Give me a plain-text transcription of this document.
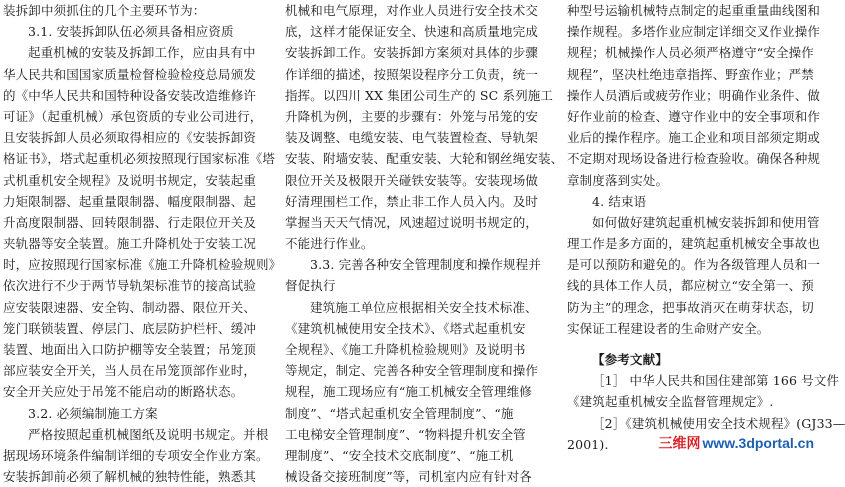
装拆卸中须抓住的几个主要环节为：
3.1. 安装拆卸队伍必须具备相应资质
起重机械的安装及拆卸工作，应由具有中
华人民共和国国家质量检督检验检疫总局颁发
的《中华人民共和国特种设备安装改造维修许
可证》（起重机械）承包资质的专业公司进行，
且安装拆卸人员必须取得相应的《安装拆卸资
格证书》，塔式起重机必须按照现行国家标准《塔
式机重机安全规程》及说明书规定，安装起重
力矩限制器、起重量限制器、幅度限制器、起
升高度限制器、回转限制器、行走限位开关及
夹轨器等安全装置。施工升降机处于安装工况
时，应按照现行国家标准《施工升降机检验规则》
依次进行不少于两节导轨架标准节的接高试验
应安装限速器、安全钩、制动器、限位开关、
笼门联锁装置、停层门、底层防护栏杆、缓冲
装置、地面出入口防护棚等安全装置；吊笼顶
部应装安全开关，当人员在吊笼顶部作业时，
安全开关应处于吊笼不能启动的断路状态。
3.2. 必须编制施工方案
严格按照起重机械图纸及说明书规定。并根
据现场环境条件编制详细的专项安全作业方案。
安装拆卸前必须了解机械的独特性能，熟悉其
机械和电气原理，对作业人员进行安全技术交
底，这样才能保证安全、快速和高质量地完成
安装拆卸工作。安装拆卸方案须对具体的步骤
作详细的描述，按照架设程序分工负责，统一
指挥。以四川 XX 集团公司生产的 SC 系列施工
升降机为例，主要的步骤有：外笼与吊笼的安
装及调整、电缆安装、电气装置检查、导轨架
安装、附墙安装、配重安装、大轮和钢丝绳安装、
限位开关及极限开关碰铁安装等。安装现场做
好清理围栏工作，禁止非工作人员入内。及时
掌握当天天气情况，风速超过说明书规定的，
不能进行作业。
3.3. 完善各种安全管理制度和操作规程并
督促执行
建筑施工单位应根据相关安全技术标准、
《建筑机械使用安全技术》、《塔式起重机安
全规程》、《施工升降机检验规则》及说明书
等规定，制定、完善各种安全管理制度和操作
规程，施工现场应有“施工机械安全管理维修
制度”、“塔式起重机安全管理制度”、“施
工电梯安全管理制度”、“物料提升机安全管
理制度”、“安全技术交底制度”、“施工机
械设备交接班制度”等，司机室内应有针对各
种型号运输机械特点制定的起重重量曲线图和
操作规程。多塔作业应制定详细交叉作业操作
规程；机械操作人员必须严格遵守“安全操作
规程”，坚决杜绝违章指挥、野蛮作业；严禁
操作人员酒后或疲劳作业；明确作业条件、做
好作业前的检查、遵守作业中的安全事项和作
业后的操作程序。施工企业和项目部须定期或
不定期对现场设备进行检查验收。确保各种规
章制度落到实处。
4. 结束语
如何做好建筑起重机械安装拆卸和使用管
理工作是多方面的，建筑起重机械安全事故也
是可以预防和避免的。作为各级管理人员和一
线的具体工作人员，都应树立“安全第一、预
防为主”的理念，把事故消灭在萌芽状态，切
实保证工程建设者的生命财产安全。
【参考文献】
［1］ 中华人民共和国住建部第 166 号文件
《建筑起重机械安全监督管理规定》.
［2］《建筑机械使用安全技术规程》(GJ33—
2001).	三维网 www.3dportal.cn
